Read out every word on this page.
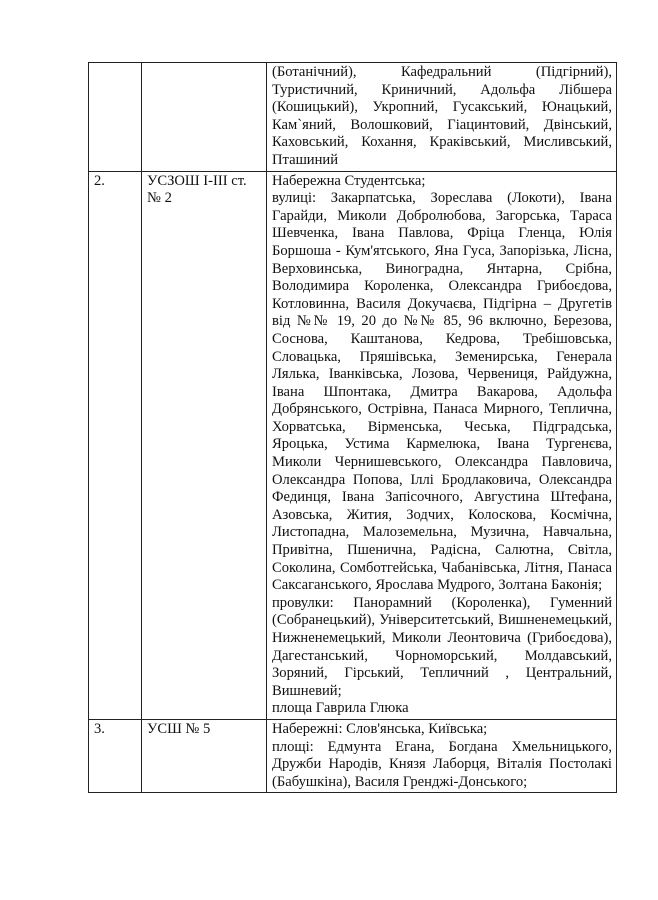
		(Ботанічний), Кафедральний (Підгірний), Туристичний, Криничний, Адольфа Лібшера (Кошицький), Укропний, Гусакський, Юнацький, Кам`яний, Волошковий, Гіацинтовий, Двінський, Каховський, Кохання, Краківський, Мисливський, Пташиний

2.	УСЗОШ І-ІІІ ст. № 2	Набережна Студентська;

вулиці: Закарпатська, Зорeслава (Локоти), Івана Гарайди, Миколи Добролюбова, Загорська, Тараса Шевченка, Івана Павлова, Фріца Гленца, Юлія Боршоша - Кум'ятського, Яна Гуса, Запорізька, Лісна, Верховинська, Виноградна, Янтарна, Срібна, Володимира Короленка, Олександра Грибоєдова, Котловинна, Василя Докучаєва, Підгірна – Другетів від №№ 19, 20 до №№ 85, 96 включно, Березова, Соснова, Каштанова, Кедрова, Требішовська, Словацька, Пряшівська, Земенирська, Генерала Лялька, Іванківська, Лозова, Червениця, Райдужна, Івана Шпонтака, Дмитра Вакарова, Адольфа Добрянського, Острівна, Панаса Мирного, Теплична, Хорватська, Вірменська, Чеська, Підградська, Яроцька, Устима Кармелюка, Івана Тургенєва, Миколи Чернишевського, Олександра Павловича, Олександра Попова, Іллі Бродлаковича, Олександра Фединця, Івана Запісочного, Августина Штефана, Азовська, Жития, Зодчих, Колоскова, Космічна, Листопадна, Малоземельна, Музична, Навчальна, Привітна, Пшенична, Радісна, Салютна, Світла, Соколина, Сомботгейська, Чабанівська, Літня, Панаса Саксаганського, Ярослава Мудрого, Золтана Баконія;

провулки: Панорамний (Короленка), Гуменний (Собранецький), Університетський, Вишненемецький, Нижненемецький, Миколи Леонтовича (Грибоєдова), Дагестанський, Чорноморський, Молдавський, Зоряний, Гірський, Тепличний , Центральний, Вишневий;

площа Гаврила Глюка

3.	УСШ № 5	Набережні: Слов'янська, Київська;

площі: Едмунта Егана, Богдана Хмельницького, Дружби Народів, Князя Лаборця, Віталія Постолакі (Бабушкіна), Василя Гренджі-Донського;
